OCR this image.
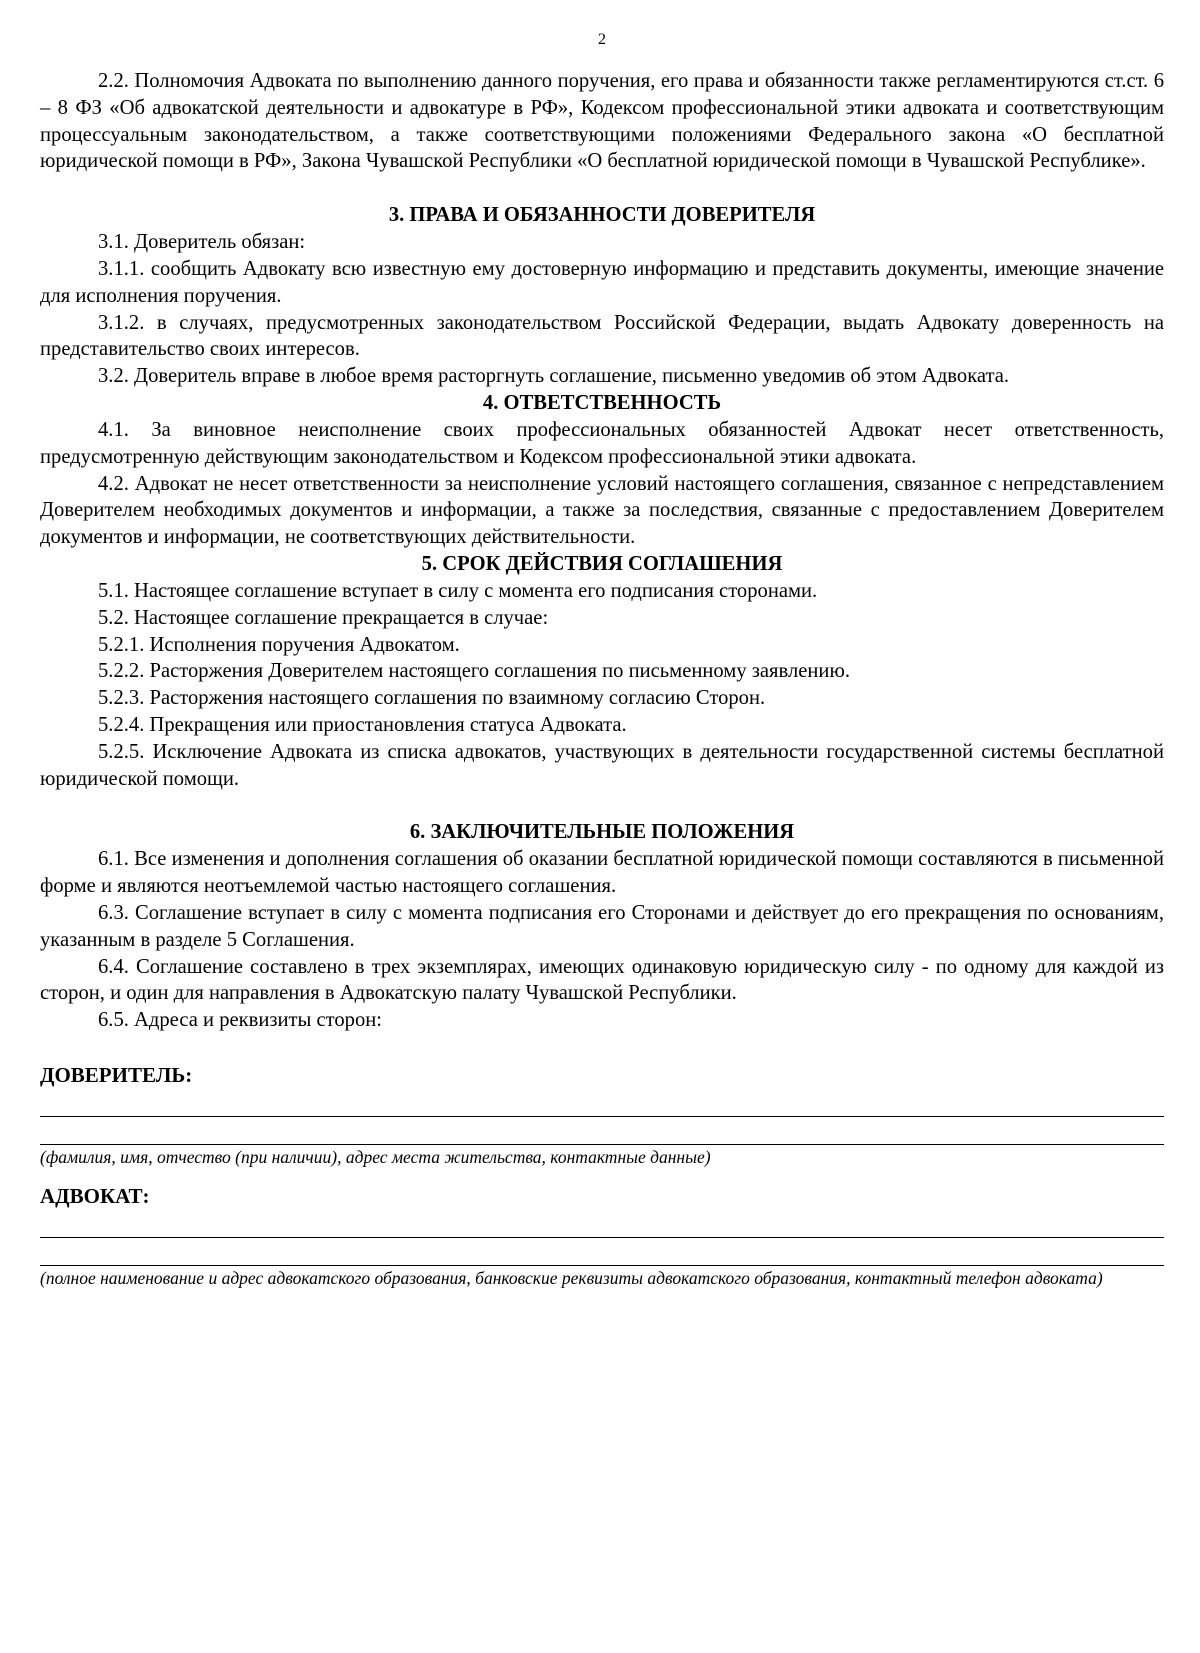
2

2.2. Полномочия Адвоката по выполнению данного поручения, его права и обязанности также регламентируются ст.ст. 6 – 8 ФЗ «Об адвокатской деятельности и адвокатуре в РФ», Кодексом профессиональной этики адвоката и соответствующим процессуальным законодательством, а также соответствующими положениями Федерального закона «О бесплатной юридической помощи в РФ», Закона Чувашской Республики «О бесплатной юридической помощи в Чувашской Республике».

3. ПРАВА И ОБЯЗАННОСТИ ДОВЕРИТЕЛЯ

3.1. Доверитель обязан:

3.1.1. сообщить Адвокату всю известную ему достоверную информацию и представить документы, имеющие значение для исполнения поручения.

3.1.2. в случаях, предусмотренных законодательством Российской Федерации, выдать Адвокату доверенность на представительство своих интересов.

3.2. Доверитель вправе в любое время расторгнуть соглашение, письменно уведомив об этом Адвоката.

4. ОТВЕТСТВЕННОСТЬ

4.1. За виновное неисполнение своих профессиональных обязанностей Адвокат несет ответственность, предусмотренную действующим законодательством и Кодексом профессиональной этики адвоката.

4.2. Адвокат не несет ответственности за неисполнение условий настоящего соглашения, связанное с непредставлением Доверителем необходимых документов и информации, а также за последствия, связанные с предоставлением Доверителем документов и информации, не соответствующих действительности.

5. СРОК ДЕЙСТВИЯ СОГЛАШЕНИЯ

5.1. Настоящее соглашение вступает в силу с момента его подписания сторонами.

5.2. Настоящее соглашение прекращается в случае:

5.2.1. Исполнения поручения Адвокатом.

5.2.2. Расторжения Доверителем настоящего соглашения по письменному заявлению.

5.2.3. Расторжения настоящего соглашения по взаимному согласию Сторон.

5.2.4. Прекращения или приостановления статуса Адвоката.

5.2.5. Исключение Адвоката из списка адвокатов, участвующих в деятельности государственной системы бесплатной юридической помощи.

6. ЗАКЛЮЧИТЕЛЬНЫЕ ПОЛОЖЕНИЯ

6.1. Все изменения и дополнения соглашения об оказании бесплатной юридической помощи составляются в письменной форме и являются неотъемлемой частью настоящего соглашения.

6.3. Соглашение вступает в силу с момента подписания его Сторонами и действует до его прекращения по основаниям, указанным в разделе 5 Соглашения.

6.4. Соглашение составлено в трех экземплярах, имеющих одинаковую юридическую силу - по одному для каждой из сторон, и один для направления в Адвокатскую палату Чувашской Республики.

6.5. Адреса и реквизиты сторон:

ДОВЕРИТЕЛЬ:
(фамилия, имя, отчество (при наличии), адрес места жительства, контактные данные)
АДВОКАТ:
(полное наименование и адрес адвокатского образования, банковские реквизиты адвокатского образования, контактный телефон адвоката)
